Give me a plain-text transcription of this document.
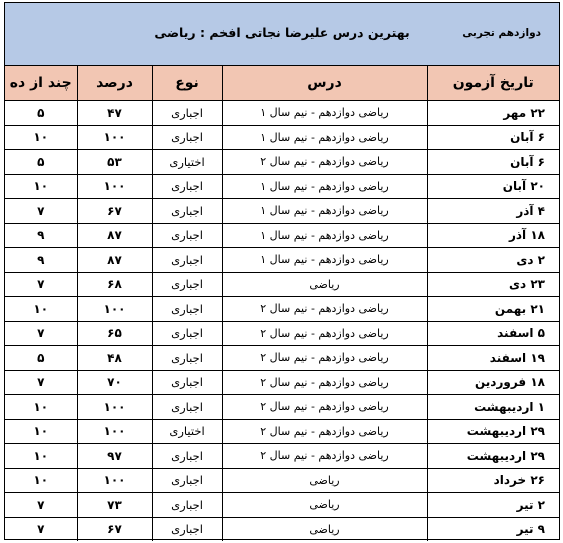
بهترین درس علیرضا نجاتی افخم : ریاضی	دوازدهم تجربی
تاریخ آزمون	درس	نوع	درصد	چند از ده
۲۲ مهر	ریاضی دوازدهم - نیم سال ۱	اجباری	۴۷	۵
۶ آبان	ریاضی دوازدهم - نیم سال ۱	اجباری	۱۰۰	۱۰
۶ آبان	ریاضی دوازدهم - نیم سال ۲	اختیاری	۵۳	۵
۲۰ آبان	ریاضی دوازدهم - نیم سال ۱	اجباری	۱۰۰	۱۰
۴ آذر	ریاضی دوازدهم - نیم سال ۱	اجباری	۶۷	۷
۱۸ آذر	ریاضی دوازدهم - نیم سال ۱	اجباری	۸۷	۹
۲ دی	ریاضی دوازدهم - نیم سال ۱	اجباری	۸۷	۹
۲۳ دی	ریاضی	اجباری	۶۸	۷
۲۱ بهمن	ریاضی دوازدهم - نیم سال ۲	اجباری	۱۰۰	۱۰
۵ اسفند	ریاضی دوازدهم - نیم سال ۲	اجباری	۶۵	۷
۱۹ اسفند	ریاضی دوازدهم - نیم سال ۲	اجباری	۴۸	۵
۱۸ فروردین	ریاضی دوازدهم - نیم سال ۲	اجباری	۷۰	۷
۱ اردیبهشت	ریاضی دوازدهم - نیم سال ۲	اجباری	۱۰۰	۱۰
۲۹ اردیبهشت	ریاضی دوازدهم - نیم سال ۲	اختیاری	۱۰۰	۱۰
۲۹ اردیبهشت	ریاضی دوازدهم - نیم سال ۲	اجباری	۹۷	۱۰
۲۶ خرداد	ریاضی	اجباری	۱۰۰	۱۰
۲ تیر	ریاضی	اجباری	۷۳	۷
۹ تیر	ریاضی	اجباری	۶۷	۷
